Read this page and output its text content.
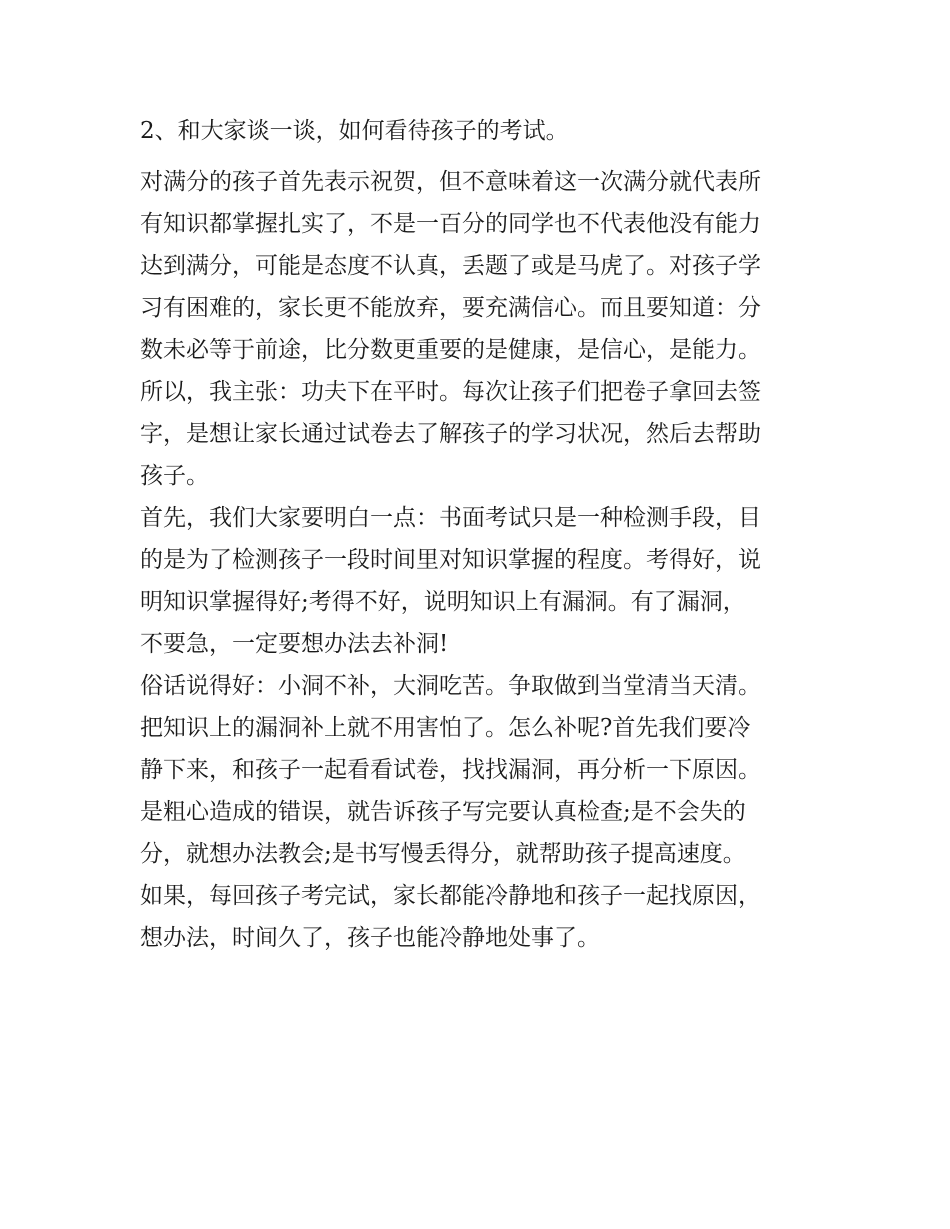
2、和大家谈一谈，如何看待孩子的考试。
对满分的孩子首先表示祝贺，但不意味着这一次满分就代表所
有知识都掌握扎实了，不是一百分的同学也不代表他没有能力
达到满分，可能是态度不认真，丢题了或是马虎了。对孩子学
习有困难的，家长更不能放弃，要充满信心。而且要知道：分
数未必等于前途，比分数更重要的是健康，是信心，是能力。
所以，我主张：功夫下在平时。每次让孩子们把卷子拿回去签
字，是想让家长通过试卷去了解孩子的学习状况，然后去帮助
孩子。
首先，我们大家要明白一点：书面考试只是一种检测手段，目
的是为了检测孩子一段时间里对知识掌握的程度。考得好，说
明知识掌握得好;考得不好，说明知识上有漏洞。有了漏洞，
不要急，一定要想办法去补洞!
俗话说得好：小洞不补，大洞吃苦。争取做到当堂清当天清。
把知识上的漏洞补上就不用害怕了。怎么补呢?首先我们要冷
静下来，和孩子一起看看试卷，找找漏洞，再分析一下原因。
是粗心造成的错误，就告诉孩子写完要认真检查;是不会失的
分，就想办法教会;是书写慢丢得分，就帮助孩子提高速度。
如果，每回孩子考完试，家长都能冷静地和孩子一起找原因，
想办法，时间久了，孩子也能冷静地处事了。
